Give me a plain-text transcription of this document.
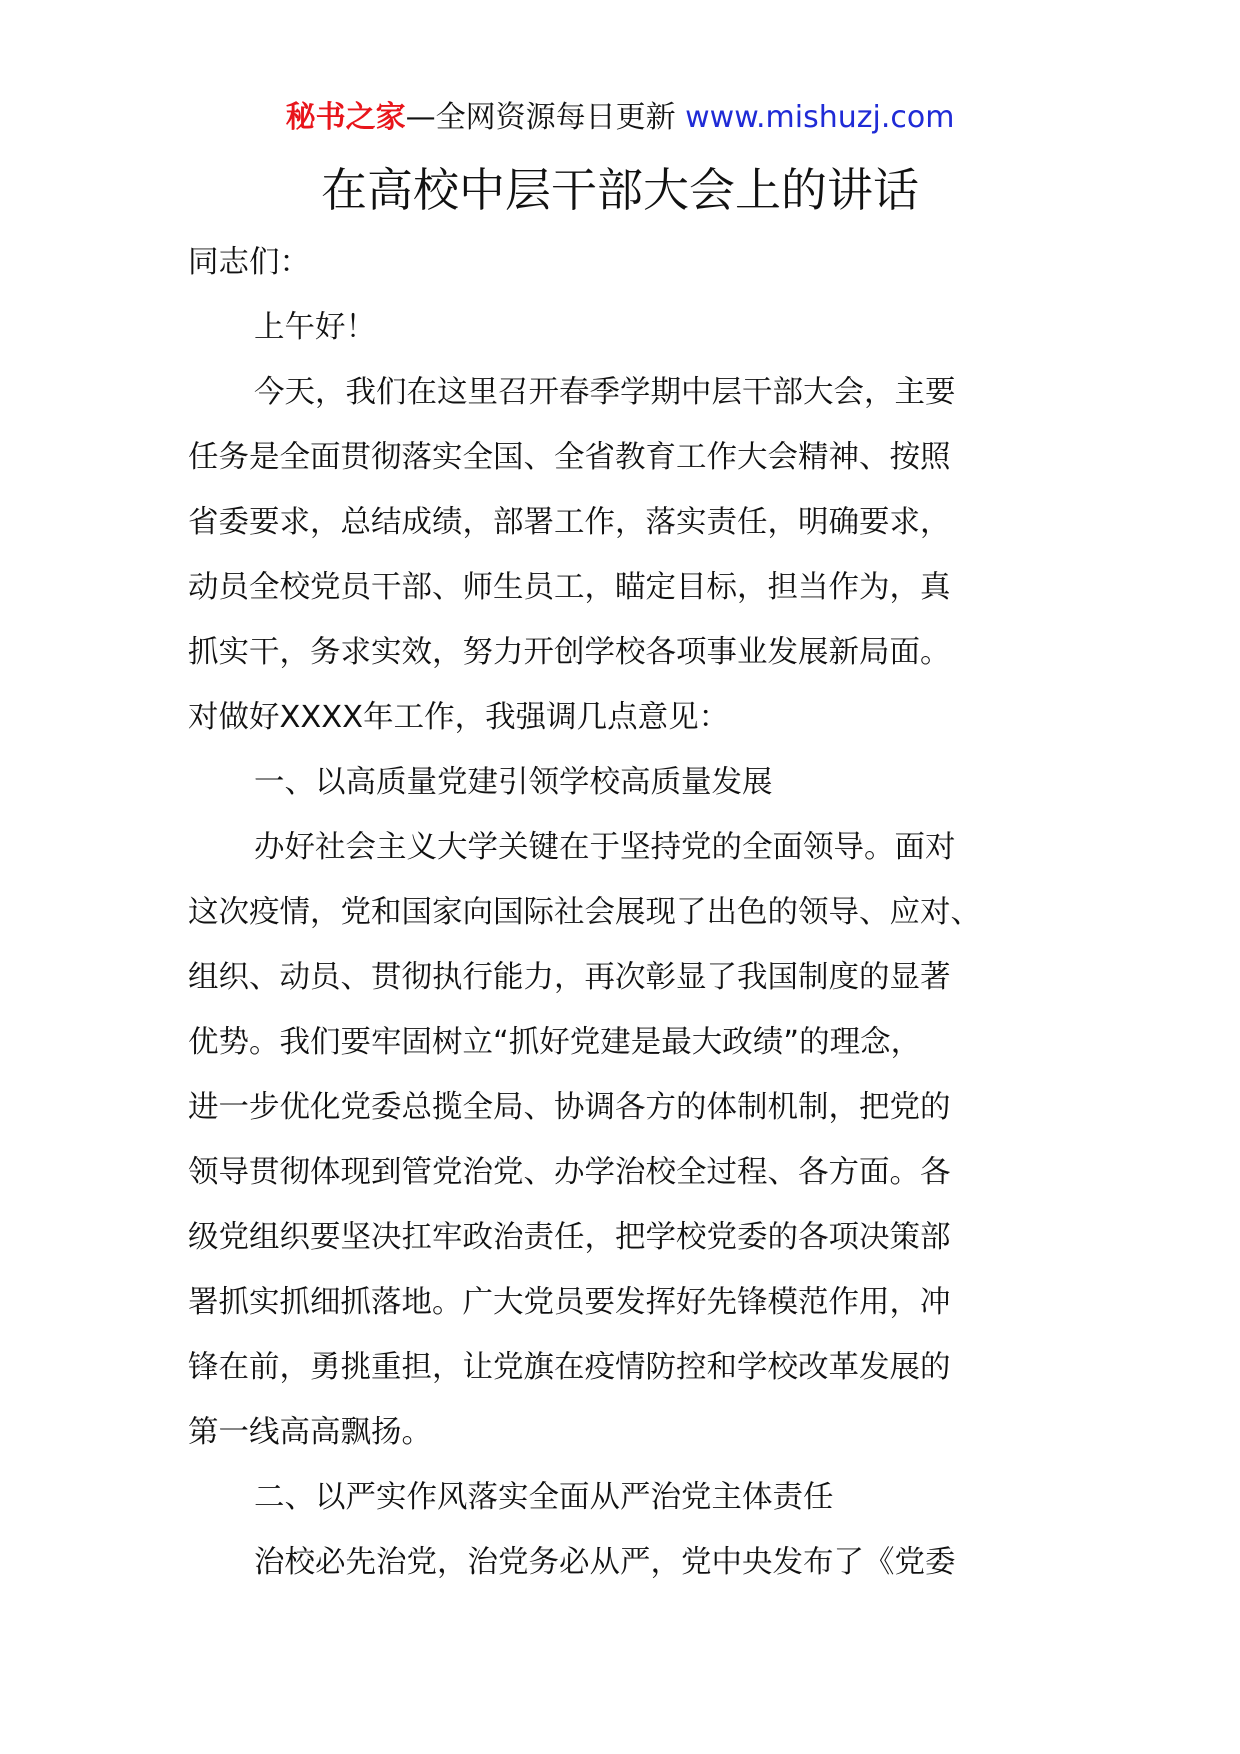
秘书之家—全网资源每日更新 www.mishuzj.com
在高校中层干部大会上的讲话
同志们：
上午好！
今天，我们在这里召开春季学期中层干部大会，主要
任务是全面贯彻落实全国、全省教育工作大会精神、按照
省委要求，总结成绩，部署工作，落实责任，明确要求，
动员全校党员干部、师生员工，瞄定目标，担当作为，真
抓实干，务求实效，努力开创学校各项事业发展新局面。
对做好XXXX年工作，我强调几点意见：
一、以高质量党建引领学校高质量发展
办好社会主义大学关键在于坚持党的全面领导。面对
这次疫情，党和国家向国际社会展现了出色的领导、应对、
组织、动员、贯彻执行能力，再次彰显了我国制度的显著
优势。我们要牢固树立“抓好党建是最大政绩”的理念，
进一步优化党委总揽全局、协调各方的体制机制，把党的
领导贯彻体现到管党治党、办学治校全过程、各方面。各
级党组织要坚决扛牢政治责任，把学校党委的各项决策部
署抓实抓细抓落地。广大党员要发挥好先锋模范作用，冲
锋在前，勇挑重担，让党旗在疫情防控和学校改革发展的
第一线高高飘扬。
二、以严实作风落实全面从严治党主体责任
治校必先治党，治党务必从严，党中央发布了《党委
